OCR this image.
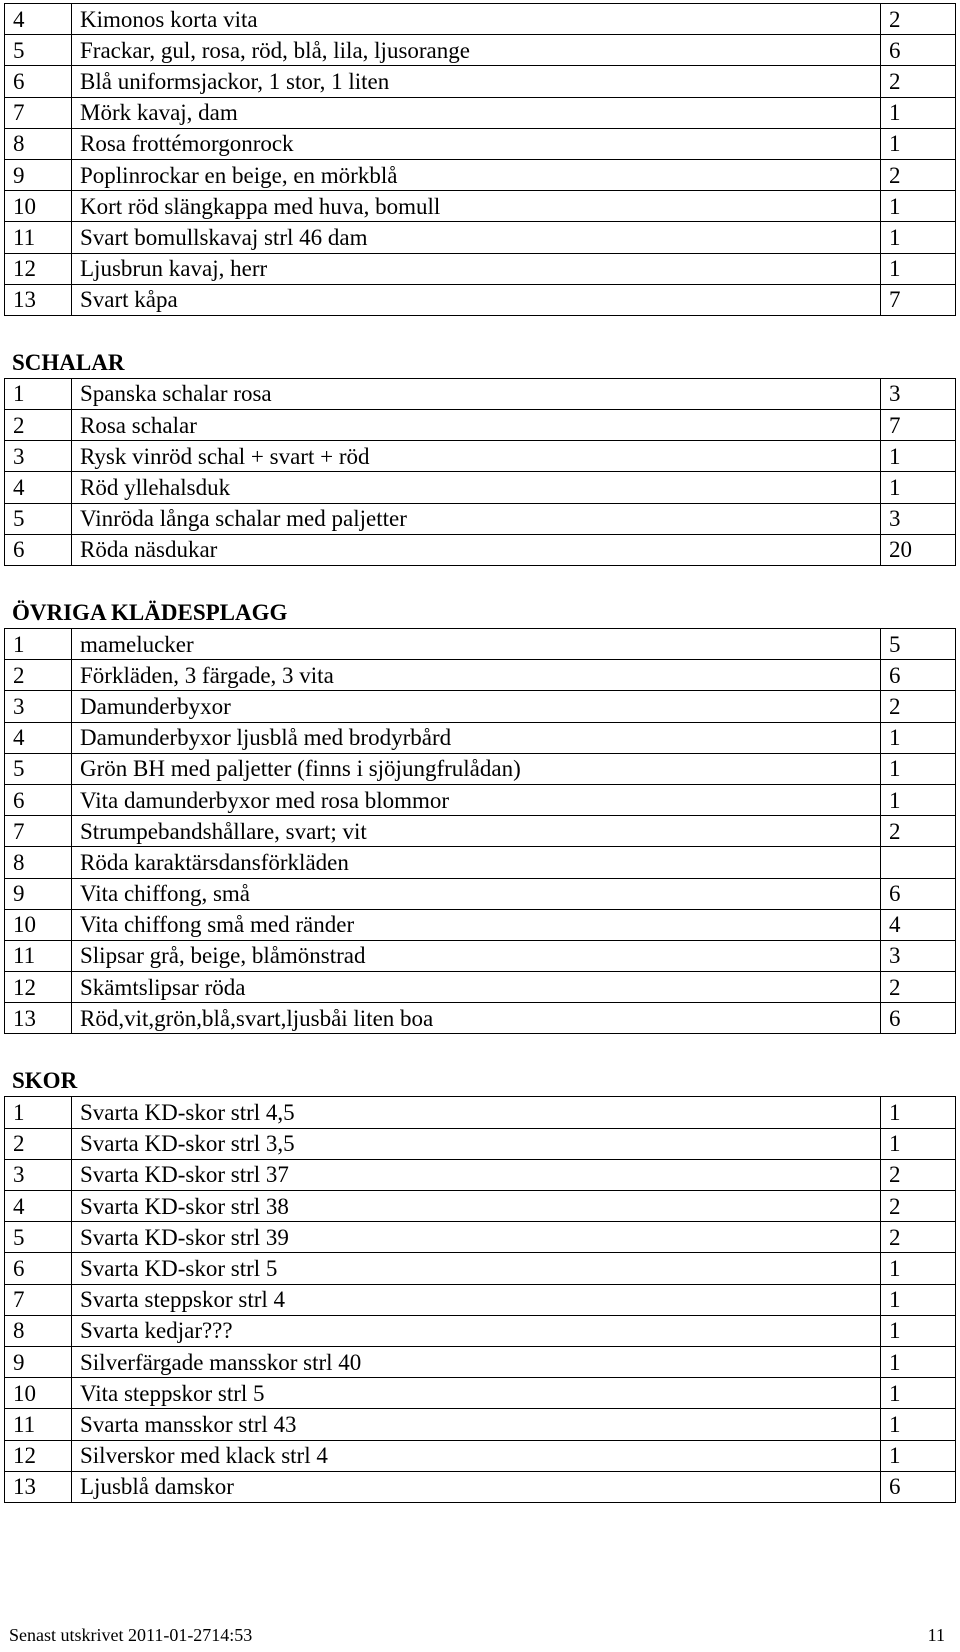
4	Kimonos korta vita	2
5	Frackar, gul, rosa, röd, blå, lila, ljusorange	6
6	Blå uniformsjackor, 1 stor, 1 liten	2
7	Mörk kavaj, dam	1
8	Rosa frottémorgonrock	1
9	Poplinrockar en beige, en mörkblå	2
10	Kort röd slängkappa med huva, bomull	1
11	Svart bomullskavaj strl 46 dam	1
12	Ljusbrun kavaj, herr	1
13	Svart kåpa	7
SCHALAR
1	Spanska schalar rosa	3
2	Rosa schalar	7
3	Rysk vinröd schal + svart + röd	1
4	Röd yllehalsduk	1
5	Vinröda långa schalar med paljetter	3
6	Röda näsdukar	20
ÖVRIGA KLÄDESPLAGG
1	mamelucker	5
2	Förkläden, 3 färgade, 3 vita	6
3	Damunderbyxor	2
4	Damunderbyxor ljusblå med brodyrbård	1
5	Grön BH med paljetter (finns i sjöjungfrulådan)	1
6	Vita damunderbyxor med rosa blommor	1
7	Strumpebandshållare, svart; vit	2
8	Röda karaktärsdansförkläden	
9	Vita chiffong, små	6
10	Vita chiffong små med ränder	4
11	Slipsar grå, beige, blåmönstrad	3
12	Skämtslipsar röda	2
13	Röd,vit,grön,blå,svart,ljusbåi liten boa	6
SKOR
1	Svarta KD-skor strl 4,5	1
2	Svarta KD-skor strl 3,5	1
3	Svarta KD-skor strl 37	2
4	Svarta KD-skor strl 38	2
5	Svarta KD-skor strl 39	2
6	Svarta KD-skor strl 5	1
7	Svarta steppskor strl 4	1
8	Svarta kedjar???	1
9	Silverfärgade mansskor strl 40	1
10	Vita steppskor strl 5	1
11	Svarta mansskor strl 43	1
12	Silverskor med klack strl 4	1
13	Ljusblå damskor	6
Senast utskrivet 2011-01-2714:53	11
